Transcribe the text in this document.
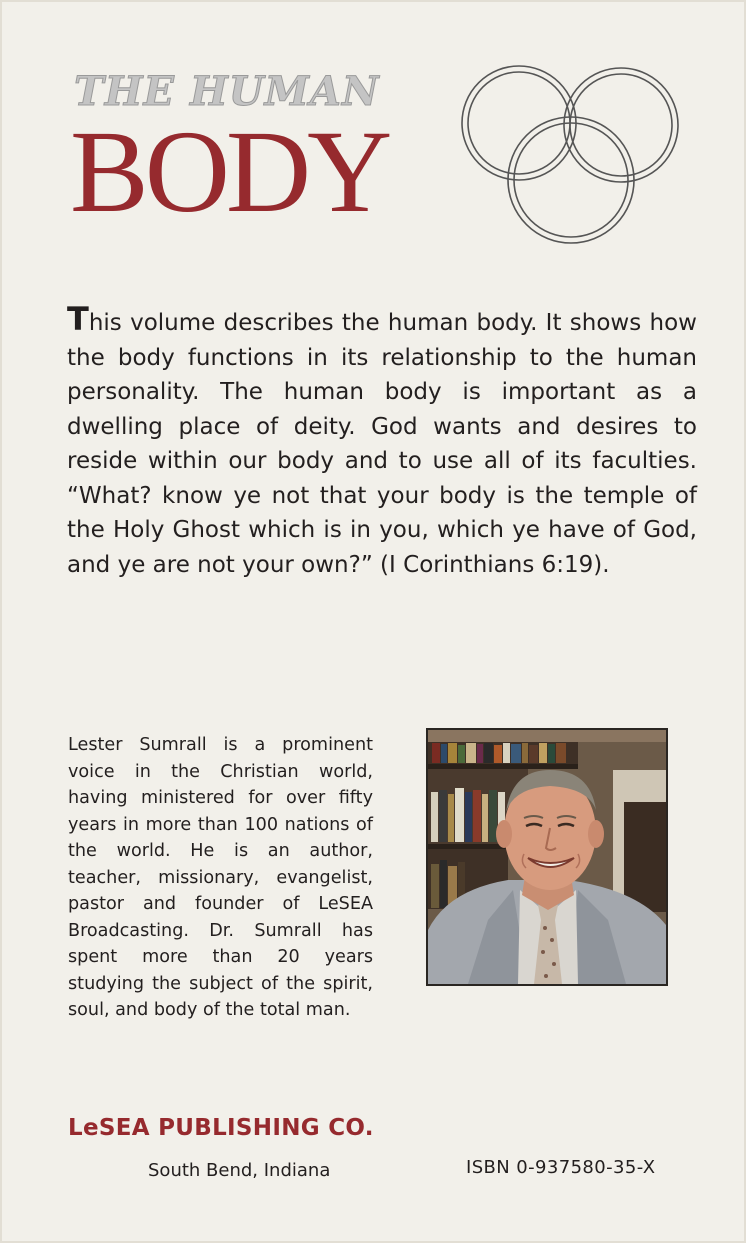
THE HUMAN
BODY

This volume describes the human body. It shows how the body functions in its relationship to the human personality. The human body is important as a dwelling place of deity. God wants and desires to reside within our body and to use all of its faculties. “What? know ye not that your body is the temple of the Holy Ghost which is in you, which ye have of God, and ye are not your own?” (I Corinthians 6:19).

Lester Sumrall is a prominent voice in the Christian world, having ministered for over fifty years in more than 100 nations of the world. He is an author, teacher, missionary, evangelist, pastor and founder of LeSEA Broadcasting. Dr. Sumrall has spent more than 20 years studying the subject of the spirit, soul, and body of the total man.

LeSEA PUBLISHING CO.
South Bend, Indiana	ISBN 0-937580-35-X
